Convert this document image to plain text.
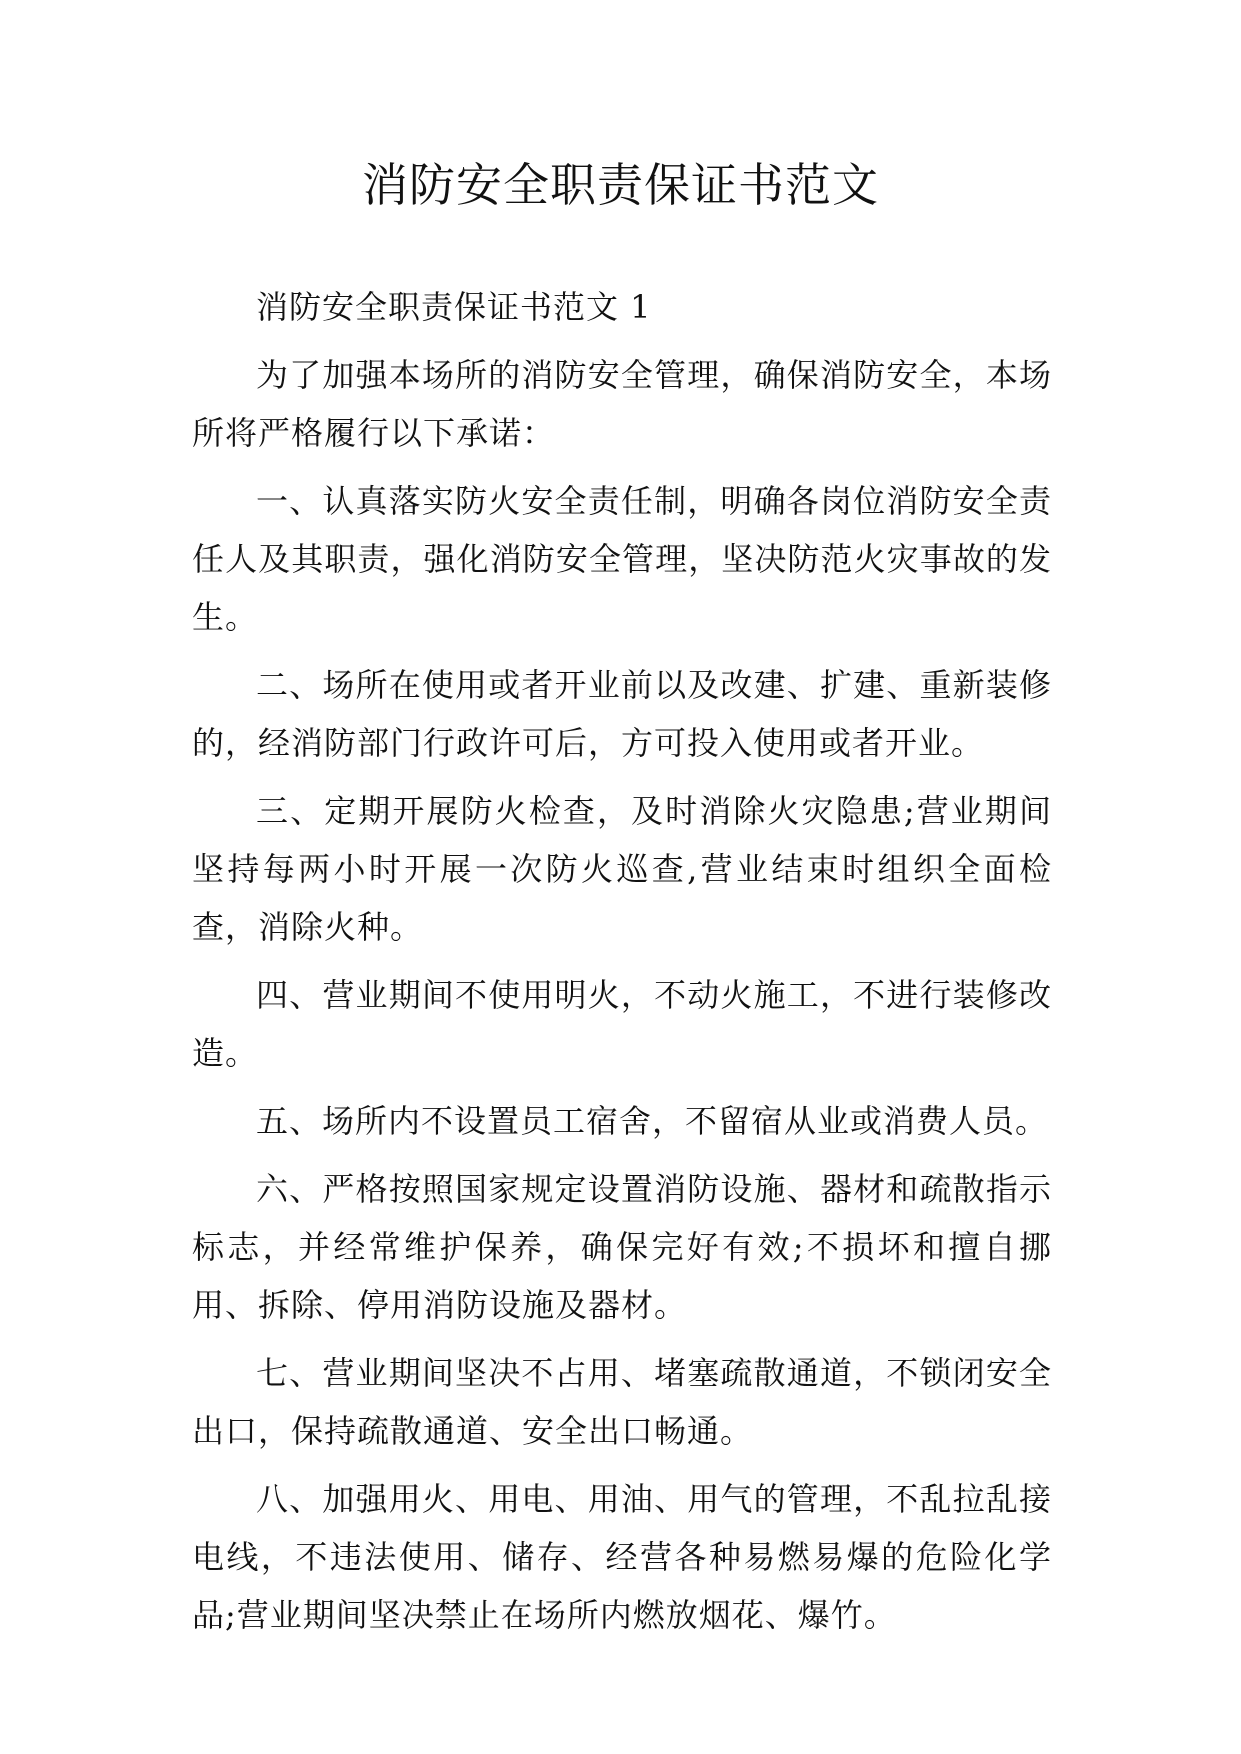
消防安全职责保证书范文

消防安全职责保证书范文 1

为了加强本场所的消防安全管理，确保消防安全，本场所将严格履行以下承诺：

一、认真落实防火安全责任制，明确各岗位消防安全责任人及其职责，强化消防安全管理，坚决防范火灾事故的发生。

二、场所在使用或者开业前以及改建、扩建、重新装修的，经消防部门行政许可后，方可投入使用或者开业。

三、定期开展防火检查，及时消除火灾隐患;营业期间坚持每两小时开展一次防火巡查,营业结束时组织全面检查，消除火种。

四、营业期间不使用明火，不动火施工，不进行装修改造。

五、场所内不设置员工宿舍，不留宿从业或消费人员。

六、严格按照国家规定设置消防设施、器材和疏散指示标志，并经常维护保养，确保完好有效;不损坏和擅自挪用、拆除、停用消防设施及器材。

七、营业期间坚决不占用、堵塞疏散通道，不锁闭安全出口，保持疏散通道、安全出口畅通。

八、加强用火、用电、用油、用气的管理，不乱拉乱接电线，不违法使用、储存、经营各种易燃易爆的危险化学品;营业期间坚决禁止在场所内燃放烟花、爆竹。
